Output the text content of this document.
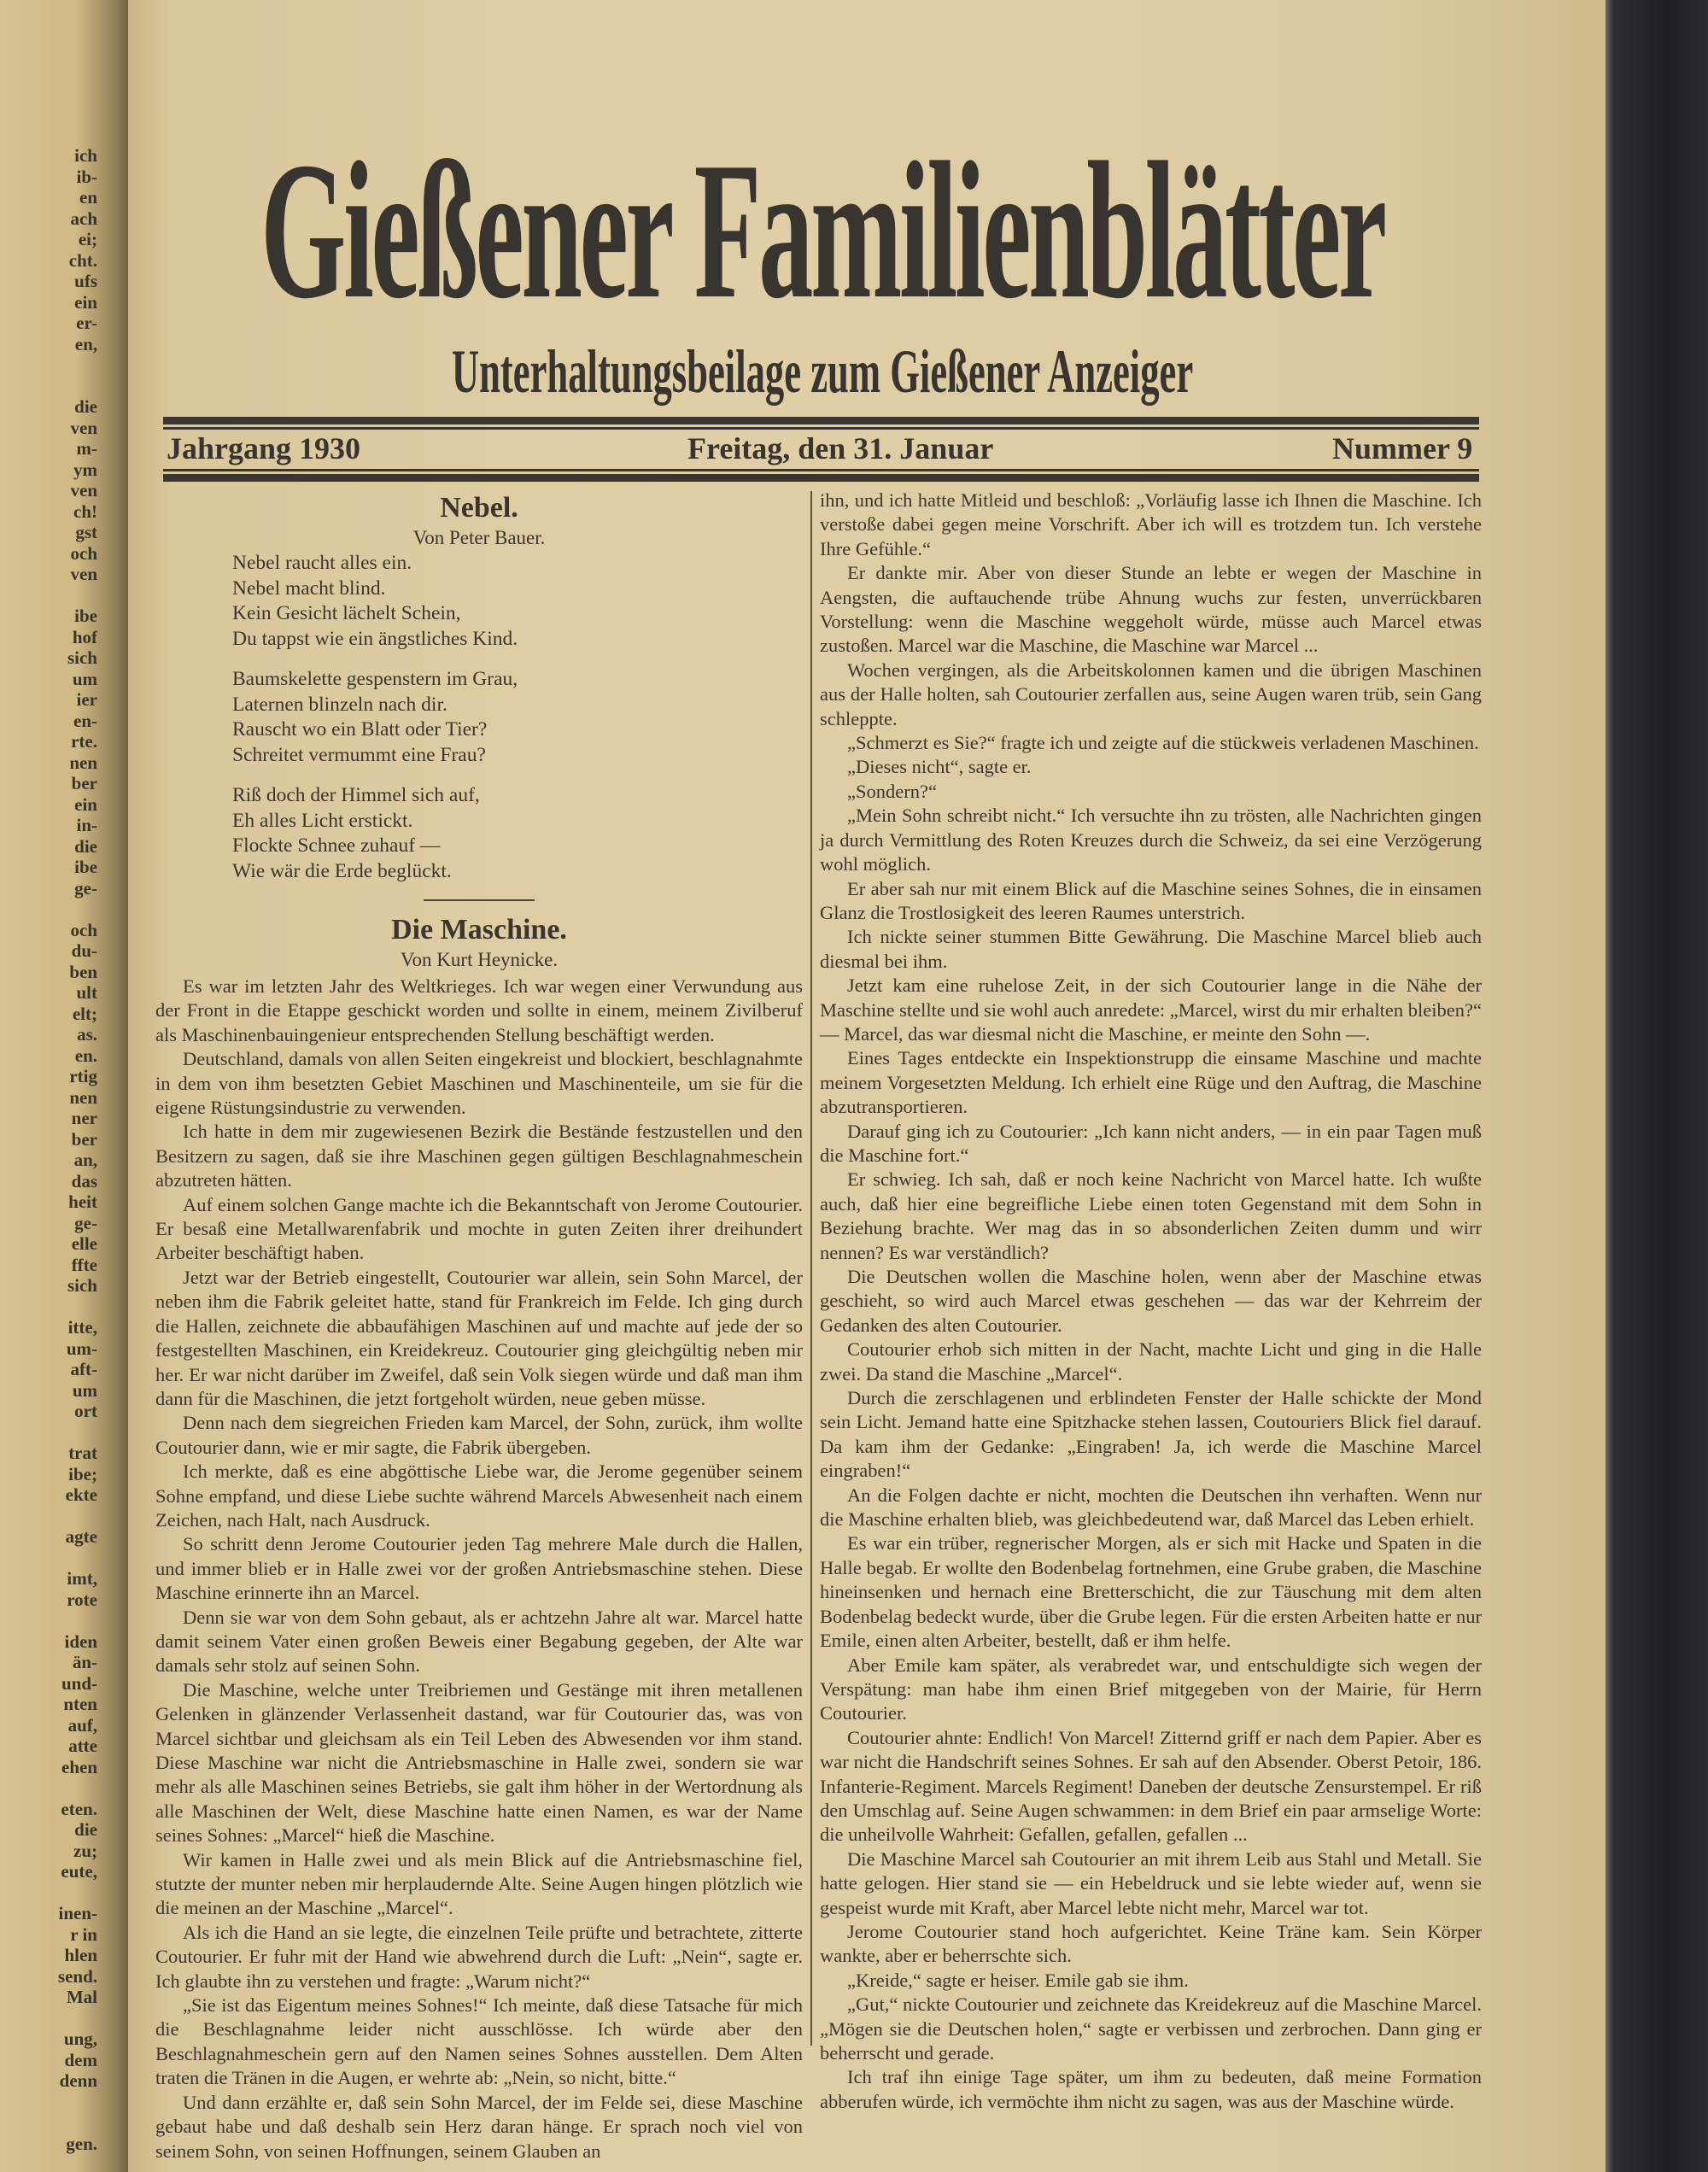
ich
ib-
en
ach
ei;
cht.
ufs
ein
er-
en,
die
ven
m-
ym
ven
ch!
gst
och
ven
ibe
hof
sich
um
ier
en-
rte.
nen
ber
ein
in-
die
ibe
ge-
och
du-
ben
ult
elt;
as.
en.
rtig
nen
ner
ber
an,
das
heit
ge-
elle
ffte
sich
itte,
um-
aft-
um
ort
trat
ibe;
ekte
agte
imt,
rote
iden
än-
und-
nten
auf,
atte
ehen
eten.
die
zu;
eute,
inen-
r in
hlen
send.
Mal
ung,
dem
denn
gen.
Gießener Familienblätter
Unterhaltungsbeilage zum Gießener Anzeiger
Jahrgang 1930	Freitag, den 31. Januar	Nummer 9
Nebel.
Von Peter Bauer.
Nebel raucht alles ein.
Nebel macht blind.
Kein Gesicht lächelt Schein,
Du tappst wie ein ängstliches Kind.
Baumskelette gespenstern im Grau,
Laternen blinzeln nach dir.
Rauscht wo ein Blatt oder Tier?
Schreitet vermummt eine Frau?
Riß doch der Himmel sich auf,
Eh alles Licht erstickt.
Flockte Schnee zuhauf —
Wie wär die Erde beglückt.
Die Maschine.
Von Kurt Heynicke.

Es war im letzten Jahr des Weltkrieges. Ich war wegen einer Verwundung aus der Front in die Etappe geschickt worden und sollte in einem, meinem Zivilberuf als Maschinenbauingenieur entsprechenden Stellung beschäftigt werden.

Deutschland, damals von allen Seiten eingekreist und blockiert, beschlagnahmte in dem von ihm besetzten Gebiet Maschinen und Maschinenteile, um sie für die eigene Rüstungsindustrie zu verwenden.

Ich hatte in dem mir zugewiesenen Bezirk die Bestände festzustellen und den Besitzern zu sagen, daß sie ihre Maschinen gegen gültigen Beschlagnahmeschein abzutreten hätten.

Auf einem solchen Gange machte ich die Bekanntschaft von Jerome Coutourier. Er besaß eine Metallwarenfabrik und mochte in guten Zeiten ihrer dreihundert Arbeiter beschäftigt haben.

Jetzt war der Betrieb eingestellt, Coutourier war allein, sein Sohn Marcel, der neben ihm die Fabrik geleitet hatte, stand für Frankreich im Felde. Ich ging durch die Hallen, zeichnete die abbaufähigen Maschinen auf und machte auf jede der so festgestellten Maschinen, ein Kreidekreuz. Coutourier ging gleichgültig neben mir her. Er war nicht darüber im Zweifel, daß sein Volk siegen würde und daß man ihm dann für die Maschinen, die jetzt fortgeholt würden, neue geben müsse.

Denn nach dem siegreichen Frieden kam Marcel, der Sohn, zurück, ihm wollte Coutourier dann, wie er mir sagte, die Fabrik übergeben.

Ich merkte, daß es eine abgöttische Liebe war, die Jerome gegenüber seinem Sohne empfand, und diese Liebe suchte während Marcels Abwesenheit nach einem Zeichen, nach Halt, nach Ausdruck.

So schritt denn Jerome Coutourier jeden Tag mehrere Male durch die Hallen, und immer blieb er in Halle zwei vor der großen Antriebsmaschine stehen. Diese Maschine erinnerte ihn an Marcel.

Denn sie war von dem Sohn gebaut, als er achtzehn Jahre alt war. Marcel hatte damit seinem Vater einen großen Beweis einer Begabung gegeben, der Alte war damals sehr stolz auf seinen Sohn.

Die Maschine, welche unter Treibriemen und Gestänge mit ihren metallenen Gelenken in glänzender Verlassenheit dastand, war für Coutourier das, was von Marcel sichtbar und gleichsam als ein Teil Leben des Abwesenden vor ihm stand. Diese Maschine war nicht die Antriebsmaschine in Halle zwei, sondern sie war mehr als alle Maschinen seines Betriebs, sie galt ihm höher in der Wertordnung als alle Maschinen der Welt, diese Maschine hatte einen Namen, es war der Name seines Sohnes: „Marcel“ hieß die Maschine.

Wir kamen in Halle zwei und als mein Blick auf die Antriebsmaschine fiel, stutzte der munter neben mir herplaudernde Alte. Seine Augen hingen plötzlich wie die meinen an der Maschine „Marcel“.

Als ich die Hand an sie legte, die einzelnen Teile prüfte und betrachtete, zitterte Coutourier. Er fuhr mit der Hand wie abwehrend durch die Luft: „Nein“, sagte er. Ich glaubte ihn zu verstehen und fragte: „Warum nicht?“

„Sie ist das Eigentum meines Sohnes!“ Ich meinte, daß diese Tatsache für mich die Beschlagnahme leider nicht ausschlösse. Ich würde aber den Beschlagnahmeschein gern auf den Namen seines Sohnes ausstellen. Dem Alten traten die Tränen in die Augen, er wehrte ab: „Nein, so nicht, bitte.“

Und dann erzählte er, daß sein Sohn Marcel, der im Felde sei, diese Maschine gebaut habe und daß deshalb sein Herz daran hänge. Er sprach noch viel von seinem Sohn, von seinen Hoffnungen, seinem Glauben an

ihn, und ich hatte Mitleid und beschloß: „Vorläufig lasse ich Ihnen die Maschine. Ich verstoße dabei gegen meine Vorschrift. Aber ich will es trotzdem tun. Ich verstehe Ihre Gefühle.“

Er dankte mir. Aber von dieser Stunde an lebte er wegen der Maschine in Aengsten, die auftauchende trübe Ahnung wuchs zur festen, unverrückbaren Vorstellung: wenn die Maschine weggeholt würde, müsse auch Marcel etwas zustoßen. Marcel war die Maschine, die Maschine war Marcel ...

Wochen vergingen, als die Arbeitskolonnen kamen und die übrigen Maschinen aus der Halle holten, sah Coutourier zerfallen aus, seine Augen waren trüb, sein Gang schleppte.

„Schmerzt es Sie?“ fragte ich und zeigte auf die stückweis verladenen Maschinen.

„Dieses nicht“, sagte er.

„Sondern?“

„Mein Sohn schreibt nicht.“ Ich versuchte ihn zu trösten, alle Nachrichten gingen ja durch Vermittlung des Roten Kreuzes durch die Schweiz, da sei eine Verzögerung wohl möglich.

Er aber sah nur mit einem Blick auf die Maschine seines Sohnes, die in einsamen Glanz die Trostlosigkeit des leeren Raumes unterstrich.

Ich nickte seiner stummen Bitte Gewährung. Die Maschine Marcel blieb auch diesmal bei ihm.

Jetzt kam eine ruhelose Zeit, in der sich Coutourier lange in die Nähe der Maschine stellte und sie wohl auch anredete: „Marcel, wirst du mir erhalten bleiben?“ — Marcel, das war diesmal nicht die Maschine, er meinte den Sohn —.

Eines Tages entdeckte ein Inspektionstrupp die einsame Maschine und machte meinem Vorgesetzten Meldung. Ich erhielt eine Rüge und den Auftrag, die Maschine abzutransportieren.

Darauf ging ich zu Coutourier: „Ich kann nicht anders, — in ein paar Tagen muß die Maschine fort.“

Er schwieg. Ich sah, daß er noch keine Nachricht von Marcel hatte. Ich wußte auch, daß hier eine begreifliche Liebe einen toten Gegenstand mit dem Sohn in Beziehung brachte. Wer mag das in so absonderlichen Zeiten dumm und wirr nennen? Es war verständlich?

Die Deutschen wollen die Maschine holen, wenn aber der Maschine etwas geschieht, so wird auch Marcel etwas geschehen — das war der Kehrreim der Gedanken des alten Coutourier.

Coutourier erhob sich mitten in der Nacht, machte Licht und ging in die Halle zwei. Da stand die Maschine „Marcel“.

Durch die zerschlagenen und erblindeten Fenster der Halle schickte der Mond sein Licht. Jemand hatte eine Spitzhacke stehen lassen, Coutouriers Blick fiel darauf. Da kam ihm der Gedanke: „Eingraben! Ja, ich werde die Maschine Marcel eingraben!“

An die Folgen dachte er nicht, mochten die Deutschen ihn verhaften. Wenn nur die Maschine erhalten blieb, was gleichbedeutend war, daß Marcel das Leben erhielt.

Es war ein trüber, regnerischer Morgen, als er sich mit Hacke und Spaten in die Halle begab. Er wollte den Bodenbelag fortnehmen, eine Grube graben, die Maschine hineinsenken und hernach eine Bretterschicht, die zur Täuschung mit dem alten Bodenbelag bedeckt wurde, über die Grube legen. Für die ersten Arbeiten hatte er nur Emile, einen alten Arbeiter, bestellt, daß er ihm helfe.

Aber Emile kam später, als verabredet war, und entschuldigte sich wegen der Verspätung: man habe ihm einen Brief mitgegeben von der Mairie, für Herrn Coutourier.

Coutourier ahnte: Endlich! Von Marcel! Zitternd griff er nach dem Papier. Aber es war nicht die Handschrift seines Sohnes. Er sah auf den Absender. Oberst Petoir, 186. Infanterie-Regiment. Marcels Regiment! Daneben der deutsche Zensurstempel. Er riß den Umschlag auf. Seine Augen schwammen: in dem Brief ein paar armselige Worte: die unheilvolle Wahrheit: Gefallen, gefallen, gefallen ...

Die Maschine Marcel sah Coutourier an mit ihrem Leib aus Stahl und Metall. Sie hatte gelogen. Hier stand sie — ein Hebeldruck und sie lebte wieder auf, wenn sie gespeist wurde mit Kraft, aber Marcel lebte nicht mehr, Marcel war tot.

Jerome Coutourier stand hoch aufgerichtet. Keine Träne kam. Sein Körper wankte, aber er beherrschte sich.

„Kreide,“ sagte er heiser. Emile gab sie ihm.

„Gut,“ nickte Coutourier und zeichnete das Kreidekreuz auf die Maschine Marcel. „Mögen sie die Deutschen holen,“ sagte er verbissen und zerbrochen. Dann ging er beherrscht und gerade.

Ich traf ihn einige Tage später, um ihm zu bedeuten, daß meine Formation abberufen würde, ich vermöchte ihm nicht zu sagen, was aus der Maschine würde.
